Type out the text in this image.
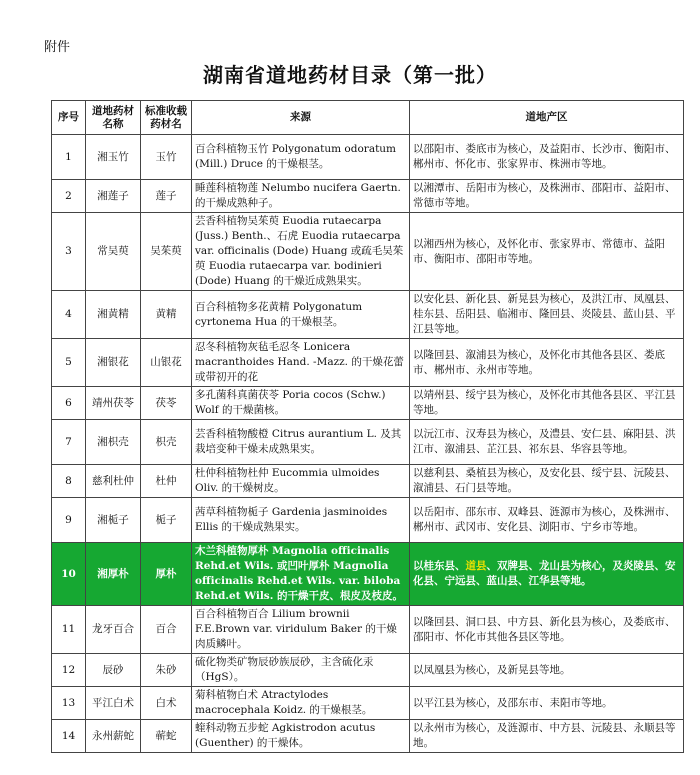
附件
湖南省道地药材目录（第一批）
序号	道地药材名称	标准收载药材名	来源	道地产区
1	湘玉竹	玉竹	百合科植物玉竹 Polygonatum odoratum (Mill.) Druce 的干燥根茎。	以邵阳市、娄底市为核心，及益阳市、长沙市、衡阳市、郴州市、怀化市、张家界市、株洲市等地。
2	湘莲子	莲子	睡莲科植物莲 Nelumbo nucifera Gaertn. 的干燥成熟种子。	以湘潭市、岳阳市为核心，及株洲市、邵阳市、益阳市、常德市等地。
3	常吴萸	吴茱萸	芸香科植物吴茱萸 Euodia rutaecarpa (Juss.) Benth.、石虎 Euodia rutaecarpa var. officinalis (Dode) Huang 或疏毛吴茱萸 Euodia rutaecarpa var. bodinieri (Dode) Huang 的干燥近成熟果实。	以湘西州为核心，及怀化市、张家界市、常德市、益阳市、衡阳市、邵阳市等地。
4	湘黄精	黄精	百合科植物多花黄精 Polygonatum cyrtonema Hua 的干燥根茎。	以安化县、新化县、新晃县为核心，及洪江市、凤凰县、桂东县、岳阳县、临湘市、隆回县、炎陵县、蓝山县、平江县等地。
5	湘银花	山银花	忍冬科植物灰毡毛忍冬 Lonicera macranthoides Hand. -Mazz. 的干燥花蕾或带初开的花	以隆回县、溆浦县为核心，及怀化市其他各县区、娄底市、郴州市、永州市等地。
6	靖州茯苓	茯苓	多孔菌科真菌茯苓 Poria cocos (Schw.) Wolf 的干燥菌核。	以靖州县、绥宁县为核心，及怀化市其他各县区、平江县等地。
7	湘枳壳	枳壳	芸香科植物酸橙 Citrus aurantium L. 及其栽培变种干燥未成熟果实。	以沅江市、汉寿县为核心，及澧县、安仁县、麻阳县、洪江市、溆浦县、芷江县、祁东县、华容县等地。
8	慈利杜仲	杜仲	杜仲科植物杜仲 Eucommia ulmoides Oliv. 的干燥树皮。	以慈利县、桑植县为核心，及安化县、绥宁县、沅陵县、溆浦县、石门县等地。
9	湘栀子	栀子	茜草科植物栀子 Gardenia jasminoides Ellis 的干燥成熟果实。	以岳阳市、邵东市、双峰县、涟源市为核心，及株洲市、郴州市、武冈市、安化县、浏阳市、宁乡市等地。
10	湘厚朴	厚朴	木兰科植物厚朴 Magnolia officinalis Rehd.et Wils. 或凹叶厚朴 Magnolia officinalis Rehd.et Wils. var. biloba Rehd.et Wils. 的干燥干皮、根皮及枝皮。	以桂东县、道县、双牌县、龙山县为核心，及炎陵县、安化县、宁远县、蓝山县、江华县等地。
11	龙牙百合	百合	百合科植物百合 Lilium brownii F.E.Brown var. viridulum Baker 的干燥肉质鳞叶。	以隆回县、洞口县、中方县、新化县为核心，及娄底市、邵阳市、怀化市其他各县区等地。
12	辰砂	朱砂	硫化物类矿物辰砂族辰砂，主含硫化汞（HgS）。	以凤凰县为核心，及新晃县等地。
13	平江白术	白术	菊科植物白术 Atractylodes macrocephala Koidz. 的干燥根茎。	以平江县为核心，及邵东市、耒阳市等地。
14	永州薪蛇	蕲蛇	蝰科动物五步蛇 Agkistrodon acutus (Guenther) 的干燥体。	以永州市为核心，及涟源市、中方县、沅陵县、永顺县等地。
